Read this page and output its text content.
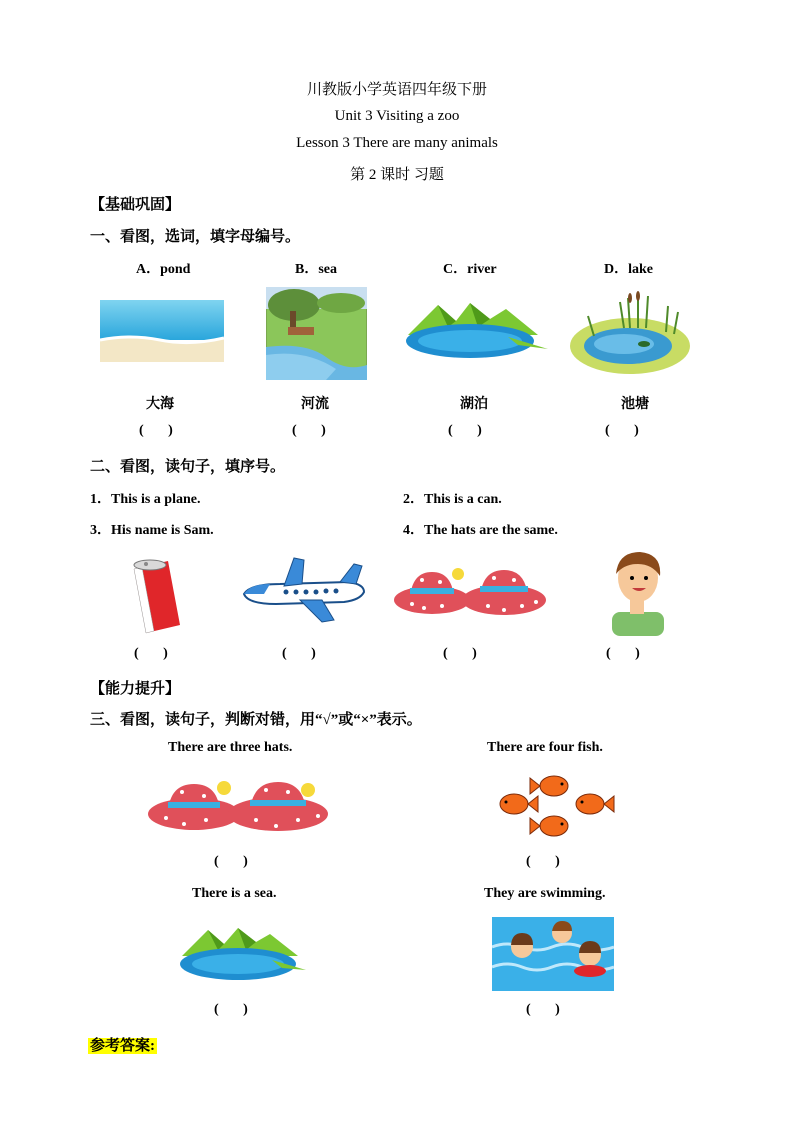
川教版小学英语四年级下册
Unit 3 Visiting a zoo
Lesson 3 There are many animals
第 2 课时 习题
【基础巩固】
一、看图，选词，填字母编号。
A．pond	B．sea	C．river	D．lake
大海	河流	湖泊	池塘
(       )	(       )	(       )	(       )
二、看图，读句子，填序号。
1．This is a plane.	2．This is a can.
3．His name is Sam.	4．The hats are the same.
(       )	(       )	(       )	(       )
【能力提升】
三、看图，读句子，判断对错，用“√”或“×”表示。
There are three hats.	There are four fish.
(       )	(       )
There is a sea.	They are swimming.
(       )	(       )
参考答案:
